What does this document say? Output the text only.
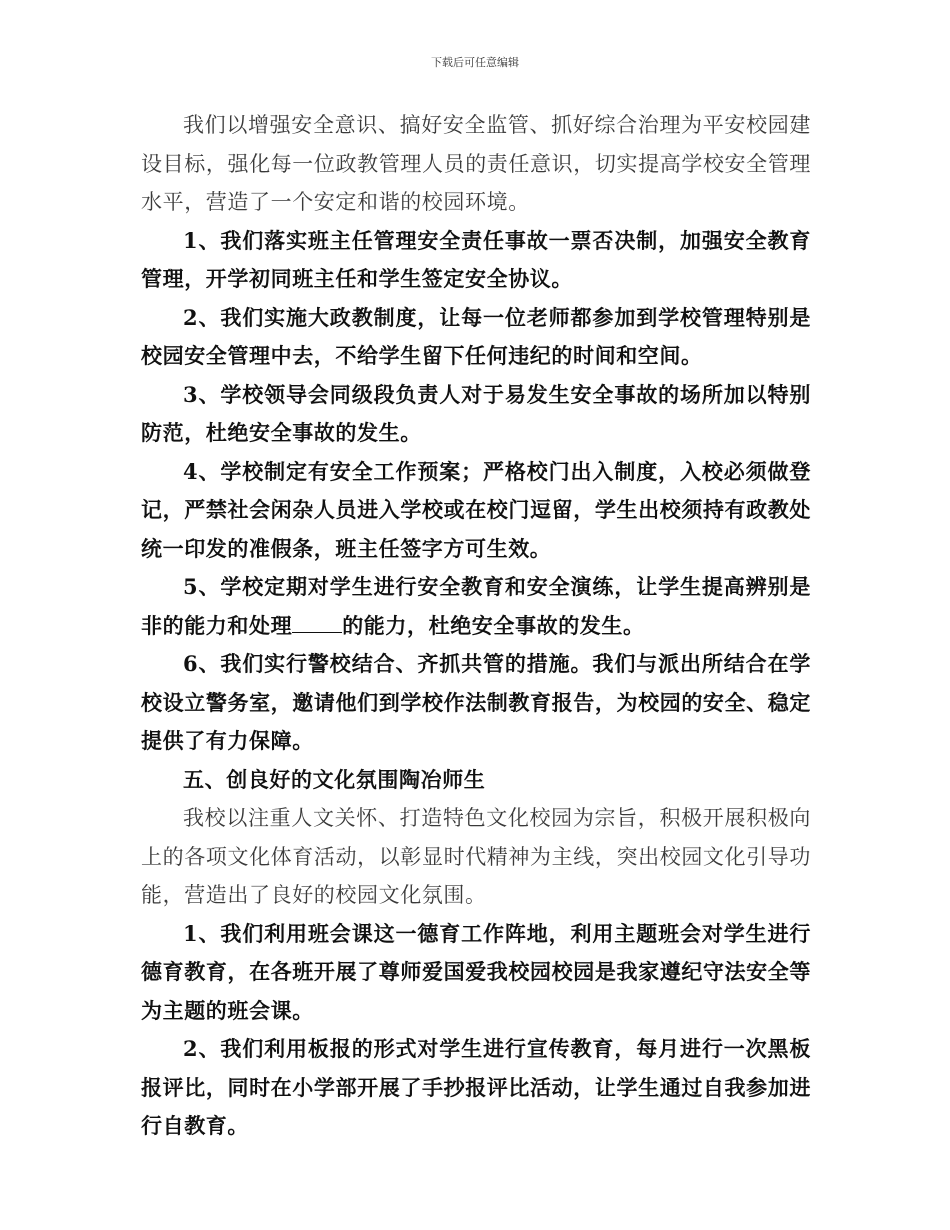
下载后可任意编辑

我们以增强安全意识、搞好安全监管、抓好综合治理为平安校园建设目标，强化每一位政教管理人员的责任意识，切实提高学校安全管理水平，营造了一个安定和谐的校园环境。

1、我们落实班主任管理安全责任事故一票否决制，加强安全教育管理，开学初同班主任和学生签定安全协议。

2、我们实施大政教制度，让每一位老师都参加到学校管理特别是校园安全管理中去，不给学生留下任何违纪的时间和空间。

3、学校领导会同级段负责人对于易发生安全事故的场所加以特别防范，杜绝安全事故的发生。

4、学校制定有安全工作预案；严格校门出入制度，入校必须做登记，严禁社会闲杂人员进入学校或在校门逗留，学生出校须持有政教处统一印发的准假条，班主任签字方可生效。

5、学校定期对学生进行安全教育和安全演练，让学生提高辨别是非的能力和处理 的能力，杜绝安全事故的发生。

6、我们实行警校结合、齐抓共管的措施。我们与派出所结合在学校设立警务室，邀请他们到学校作法制教育报告，为校园的安全、稳定提供了有力保障。

五、创良好的文化氛围陶冶师生

我校以注重人文关怀、打造特色文化校园为宗旨，积极开展积极向上的各项文化体育活动，以彰显时代精神为主线，突出校园文化引导功能，营造出了良好的校园文化氛围。

1、我们利用班会课这一德育工作阵地，利用主题班会对学生进行德育教育，在各班开展了尊师爱国爱我校园校园是我家遵纪守法安全等为主题的班会课。

2、我们利用板报的形式对学生进行宣传教育，每月进行一次黑板报评比，同时在小学部开展了手抄报评比活动，让学生通过自我参加进行自教育。
